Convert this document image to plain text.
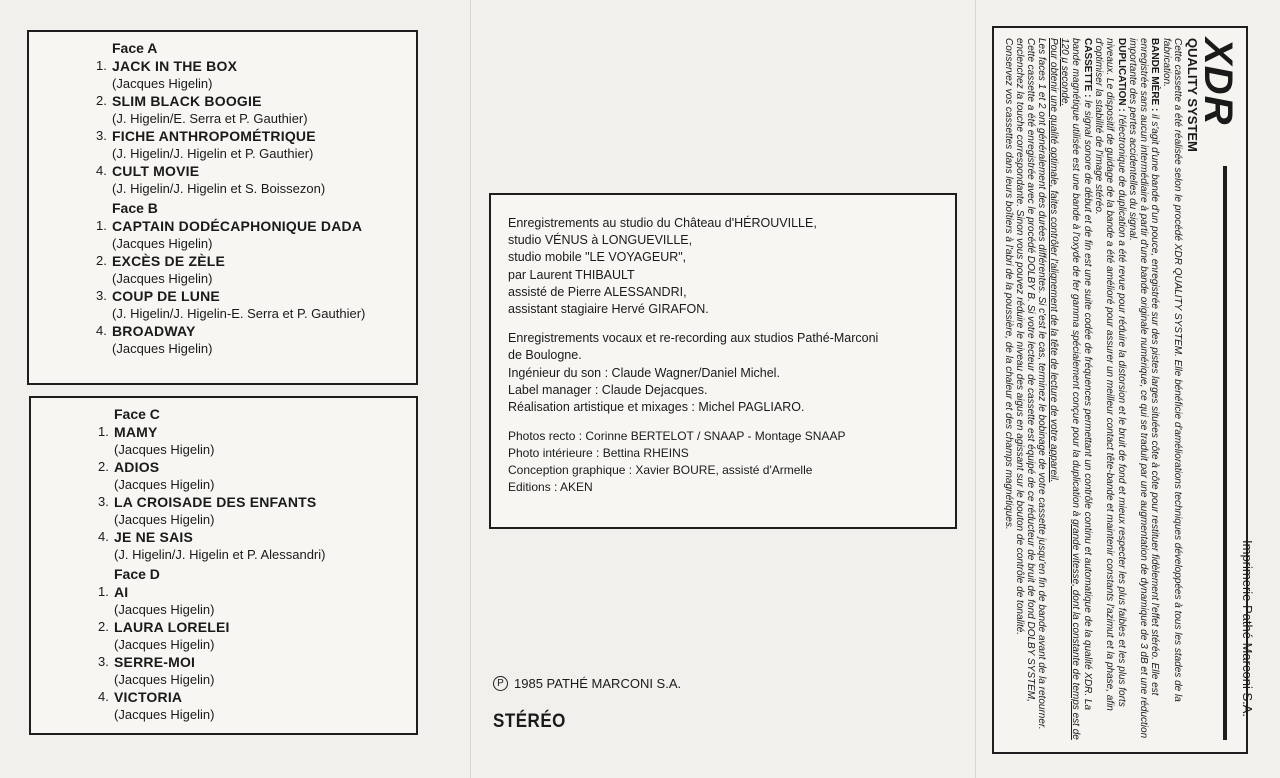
Face A
1. JACK IN THE BOX
( Jacques Higelin )
2. SLIM BLACK BOOGIE
( J. Higelin/E. Serra et P. Gauthier )
3. FICHE ANTHROPOMÉTRIQUE
( J. Higelin/J. Higelin et P. Gauthier )
4. CULT MOVIE
( J. Higelin/J. Higelin et S. Boissezon )
Face B
1. CAPTAIN DODÉCAPHONIQUE DADA
( Jacques Higelin )
2. EXCÈS DE ZÈLE
( Jacques Higelin )
3. COUP DE LUNE
( J. Higelin/J. Higelin-E. Serra et P. Gauthier )
4. BROADWAY
( Jacques Higelin )
Face C
1. MAMY
( Jacques Higelin )
2. ADIOS
( Jacques Higelin )
3. LA CROISADE DES ENFANTS
( Jacques Higelin )
4. JE NE SAIS
( J. Higelin/J. Higelin et P. Alessandri )
Face D
1. AI
( Jacques Higelin )
2. LAURA LORELEI
( Jacques Higelin )
3. SERRE-MOI
( Jacques Higelin )
4. VICTORIA
( Jacques Higelin )
Enregistrements au studio du Château d'HÉROUVILLE,
studio VÉNUS à LONGUEVILLE,
studio mobile "LE VOYAGEUR",
par Laurent THIBAULT
assisté de Pierre ALESSANDRI,
assistant stagiaire Hervé GIRAFON.
Enregistrements vocaux et re-recording aux studios Pathé-Marconi
de Boulogne.
Ingénieur du son : Claude Wagner/Daniel Michel.
Label manager : Claude Dejacques.
Réalisation artistique et mixages : Michel PAGLIARO.
Photos recto : Corinne BERTELOT / SNAAP - Montage SNAAP
Photo intérieure : Bettina RHEINS
Conception graphique : Xavier BOURE, assisté d'Armelle
Editions : AKEN
P 1985 PATHÉ MARCONI S.A.
STÉRÉO
XDR
QUALITY SYSTEM

Cette cassette a été réalisée selon le procédé XDR QUALITY SYSTEM. Elle bénéficie d'améliorations techniques développées à tous les stades de la fabrication.

BANDE MÈRE : il s'agit d'une bande d'un pouce, enregistrée sur des pistes larges situées côte à côte pour restituer fidèlement l'effet stéréo. Elle est enregistrée sans aucun intermédiaire à partir d'une bande originale numérique, ce qui se traduit par une augmentation de dynamique de 3 dB et une réduction importante des pertes accidentelles du signal.

DUPLICATION : l'électronique de duplication a été revue pour réduire la distorsion et le bruit de fond et mieux respecter les plus faibles et les plus forts niveaux. Le dispositif de guidage de la bande a été amélioré pour assurer un meilleur contact tête-bande et maintenir constants l'azimut et la phase, afin d'optimiser la stabilité de l'image stéréo.

CASSETTE : le signal sonore de début et de fin est une suite codée de fréquences permettant un contrôle continu et automatique de la qualité XDR. La bande magnétique utilisée est une bande à l'oxyde de fer gamma spécialement conçue pour la duplication à grande vitesse, dont la constante de temps est de 120 μ seconde.

Pour obtenir une qualité optimale, faites contrôler l'alignement de la tête de lecture de votre appareil.

Les faces 1 et 2 ont généralement des durées différentes. Si c'est le cas, terminez le bobinage de votre cassette jusqu'en fin de bande avant de la retourner. Cette cassette a été enregistrée avec le procédé DOLBY B. Si votre lecteur de cassette est équipé de ce réducteur de bruit de fond DOLBY SYSTEM, enclenchez la touche correspondante. Sinon vous pouvez réduire le niveau des aigus en agissant sur le bouton de contrôle de tonalité.

Conservez vos cassettes dans leurs boîtiers à l'abri de la poussière, de la chaleur et des champs magnétiques.

Imprimerie Pathé Marconi S.A.
